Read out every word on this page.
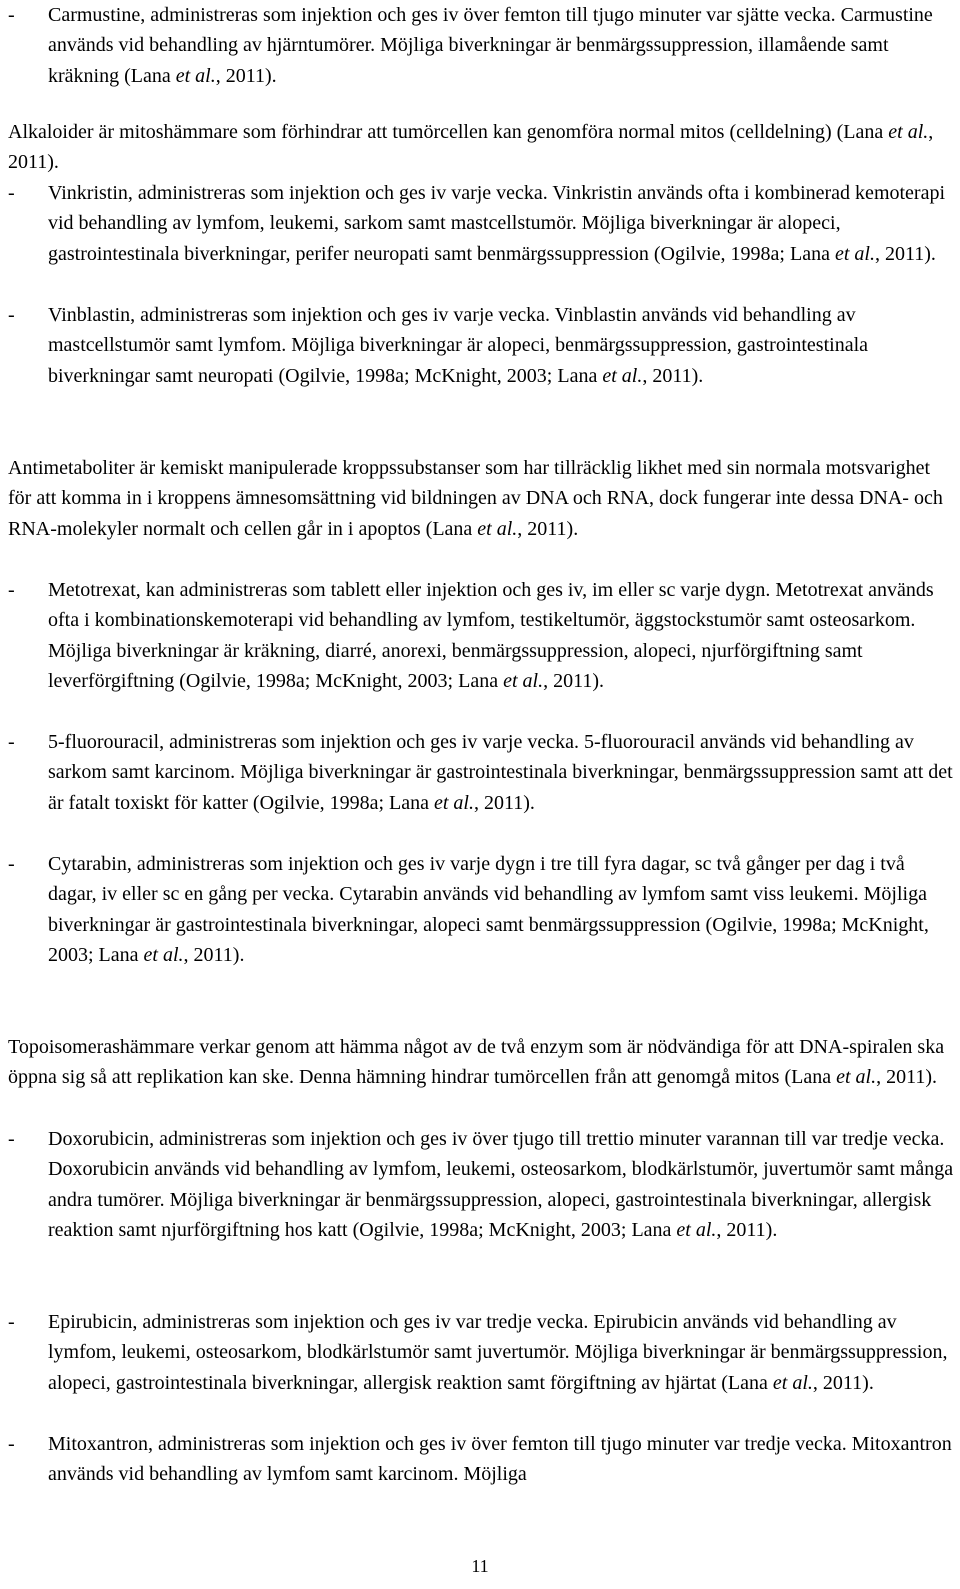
-	Carmustine, administreras som injektion och ges iv över femton till tjugo minuter var sjätte vecka. Carmustine används vid behandling av hjärntumörer. Möjliga biverkningar är benmärgssuppression, illamående samt kräkning (Lana et al., 2011).

Alkaloider är mitoshämmare som förhindrar att tumörcellen kan genomföra normal mitos (celldelning) (Lana et al., 2011).

-	Vinkristin, administreras som injektion och ges iv varje vecka. Vinkristin används ofta i kombinerad kemoterapi vid behandling av lymfom, leukemi, sarkom samt mastcellstumör. Möjliga biverkningar är alopeci, gastrointestinala biverkningar, perifer neuropati samt benmärgssuppression (Ogilvie, 1998a; Lana et al., 2011).
-	Vinblastin, administreras som injektion och ges iv varje vecka. Vinblastin används vid behandling av mastcellstumör samt lymfom. Möjliga biverkningar är alopeci, benmärgssuppression, gastrointestinala biverkningar samt neuropati (Ogilvie, 1998a; McKnight, 2003; Lana et al., 2011).

Antimetaboliter är kemiskt manipulerade kroppssubstanser som har tillräcklig likhet med sin normala motsvarighet för att komma in i kroppens ämnesomsättning vid bildningen av DNA och RNA, dock fungerar inte dessa DNA- och RNA-molekyler normalt och cellen går in i apoptos (Lana et al., 2011).

-	Metotrexat, kan administreras som tablett eller injektion och ges iv, im eller sc varje dygn. Metotrexat används ofta i kombinationskemoterapi vid behandling av lymfom, testikeltumör, äggstockstumör samt osteosarkom. Möjliga biverkningar är kräkning, diarré, anorexi, benmärgssuppression, alopeci, njurförgiftning samt leverförgiftning (Ogilvie, 1998a; McKnight, 2003; Lana et al., 2011).
-	5-fluorouracil, administreras som injektion och ges iv varje vecka. 5-fluorouracil används vid behandling av sarkom samt karcinom. Möjliga biverkningar är gastrointestinala biverkningar, benmärgssuppression samt att det är fatalt toxiskt för katter (Ogilvie, 1998a; Lana et al., 2011).
-	Cytarabin, administreras som injektion och ges iv varje dygn i tre till fyra dagar, sc två gånger per dag i två dagar, iv eller sc en gång per vecka. Cytarabin används vid behandling av lymfom samt viss leukemi. Möjliga biverkningar är gastrointestinala biverkningar, alopeci samt benmärgssuppression (Ogilvie, 1998a; McKnight, 2003; Lana et al., 2011).

Topoisomerashämmare verkar genom att hämma något av de två enzym som är nödvändiga för att DNA-spiralen ska öppna sig så att replikation kan ske. Denna hämning hindrar tumörcellen från att genomgå mitos (Lana et al., 2011).

-	Doxorubicin, administreras som injektion och ges iv över tjugo till trettio minuter varannan till var tredje vecka. Doxorubicin används vid behandling av lymfom, leukemi, osteosarkom, blodkärlstumör, juvertumör samt många andra tumörer. Möjliga biverkningar är benmärgssuppression, alopeci, gastrointestinala biverkningar, allergisk reaktion samt njurförgiftning hos katt (Ogilvie, 1998a; McKnight, 2003; Lana et al., 2011).
-	Epirubicin, administreras som injektion och ges iv var tredje vecka. Epirubicin används vid behandling av lymfom, leukemi, osteosarkom, blodkärlstumör samt juvertumör. Möjliga biverkningar är benmärgssuppression, alopeci, gastrointestinala biverkningar, allergisk reaktion samt förgiftning av hjärtat (Lana et al., 2011).
-	Mitoxantron, administreras som injektion och ges iv över femton till tjugo minuter var tredje vecka. Mitoxantron används vid behandling av lymfom samt karcinom. Möjliga
11
